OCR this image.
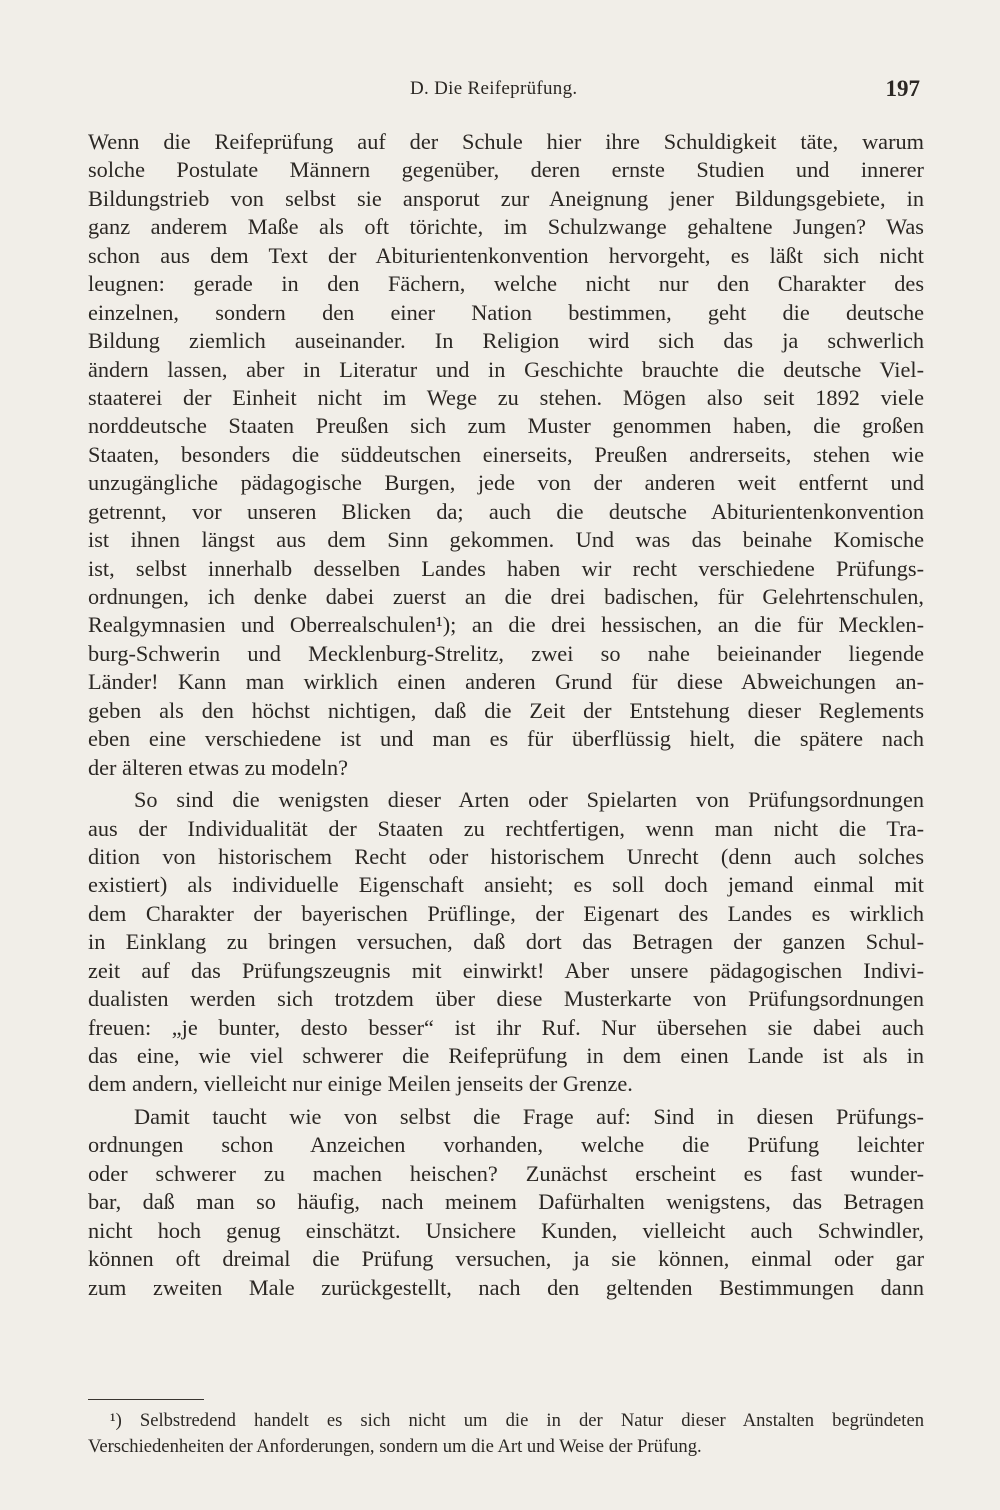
D. Die Reifeprüfung.	197
Wenn die Reifeprüfung auf der Schule hier ihre Schuldigkeit täte, warum
solche Postulate Männern gegenüber, deren ernste Studien und innerer
Bildungstrieb von selbst sie ansporut zur Aneignung jener Bildungsgebiete, in
ganz anderem Maße als oft törichte, im Schulzwange gehaltene Jungen? Was
schon aus dem Text der Abiturientenkonvention hervorgeht, es läßt sich nicht
leugnen: gerade in den Fächern, welche nicht nur den Charakter des
einzelnen, sondern den einer Nation bestimmen, geht die deutsche
Bildung ziemlich auseinander. In Religion wird sich das ja schwerlich
ändern lassen, aber in Literatur und in Geschichte brauchte die deutsche Viel-
staaterei der Einheit nicht im Wege zu stehen. Mögen also seit 1892 viele
norddeutsche Staaten Preußen sich zum Muster genommen haben, die großen
Staaten, besonders die süddeutschen einerseits, Preußen andrerseits, stehen wie
unzugängliche pädagogische Burgen, jede von der anderen weit entfernt und
getrennt, vor unseren Blicken da; auch die deutsche Abiturientenkonvention
ist ihnen längst aus dem Sinn gekommen. Und was das beinahe Komische
ist, selbst innerhalb desselben Landes haben wir recht verschiedene Prüfungs-
ordnungen, ich denke dabei zuerst an die drei badischen, für Gelehrtenschulen,
Realgymnasien und Oberrealschulen¹); an die drei hessischen, an die für Mecklen-
burg-Schwerin und Mecklenburg-Strelitz, zwei so nahe beieinander liegende
Länder! Kann man wirklich einen anderen Grund für diese Abweichungen an-
geben als den höchst nichtigen, daß die Zeit der Entstehung dieser Reglements
eben eine verschiedene ist und man es für überflüssig hielt, die spätere nach
der älteren etwas zu modeln?
So sind die wenigsten dieser Arten oder Spielarten von Prüfungsordnungen
aus der Individualität der Staaten zu rechtfertigen, wenn man nicht die Tra-
dition von historischem Recht oder historischem Unrecht (denn auch solches
existiert) als individuelle Eigenschaft ansieht; es soll doch jemand einmal mit
dem Charakter der bayerischen Prüflinge, der Eigenart des Landes es wirklich
in Einklang zu bringen versuchen, daß dort das Betragen der ganzen Schul-
zeit auf das Prüfungszeugnis mit einwirkt! Aber unsere pädagogischen Indivi-
dualisten werden sich trotzdem über diese Musterkarte von Prüfungsordnungen
freuen: „je bunter, desto besser“ ist ihr Ruf. Nur übersehen sie dabei auch
das eine, wie viel schwerer die Reifeprüfung in dem einen Lande ist als in
dem andern, vielleicht nur einige Meilen jenseits der Grenze.
Damit taucht wie von selbst die Frage auf: Sind in diesen Prüfungs-
ordnungen schon Anzeichen vorhanden, welche die Prüfung leichter
oder schwerer zu machen heischen? Zunächst erscheint es fast wunder-
bar, daß man so häufig, nach meinem Dafürhalten wenigstens, das Betragen
nicht hoch genug einschätzt. Unsichere Kunden, vielleicht auch Schwindler,
können oft dreimal die Prüfung versuchen, ja sie können, einmal oder gar
zum zweiten Male zurückgestellt, nach den geltenden Bestimmungen dann
¹) Selbstredend handelt es sich nicht um die in der Natur dieser Anstalten begründeten
Verschiedenheiten der Anforderungen, sondern um die Art und Weise der Prüfung.
